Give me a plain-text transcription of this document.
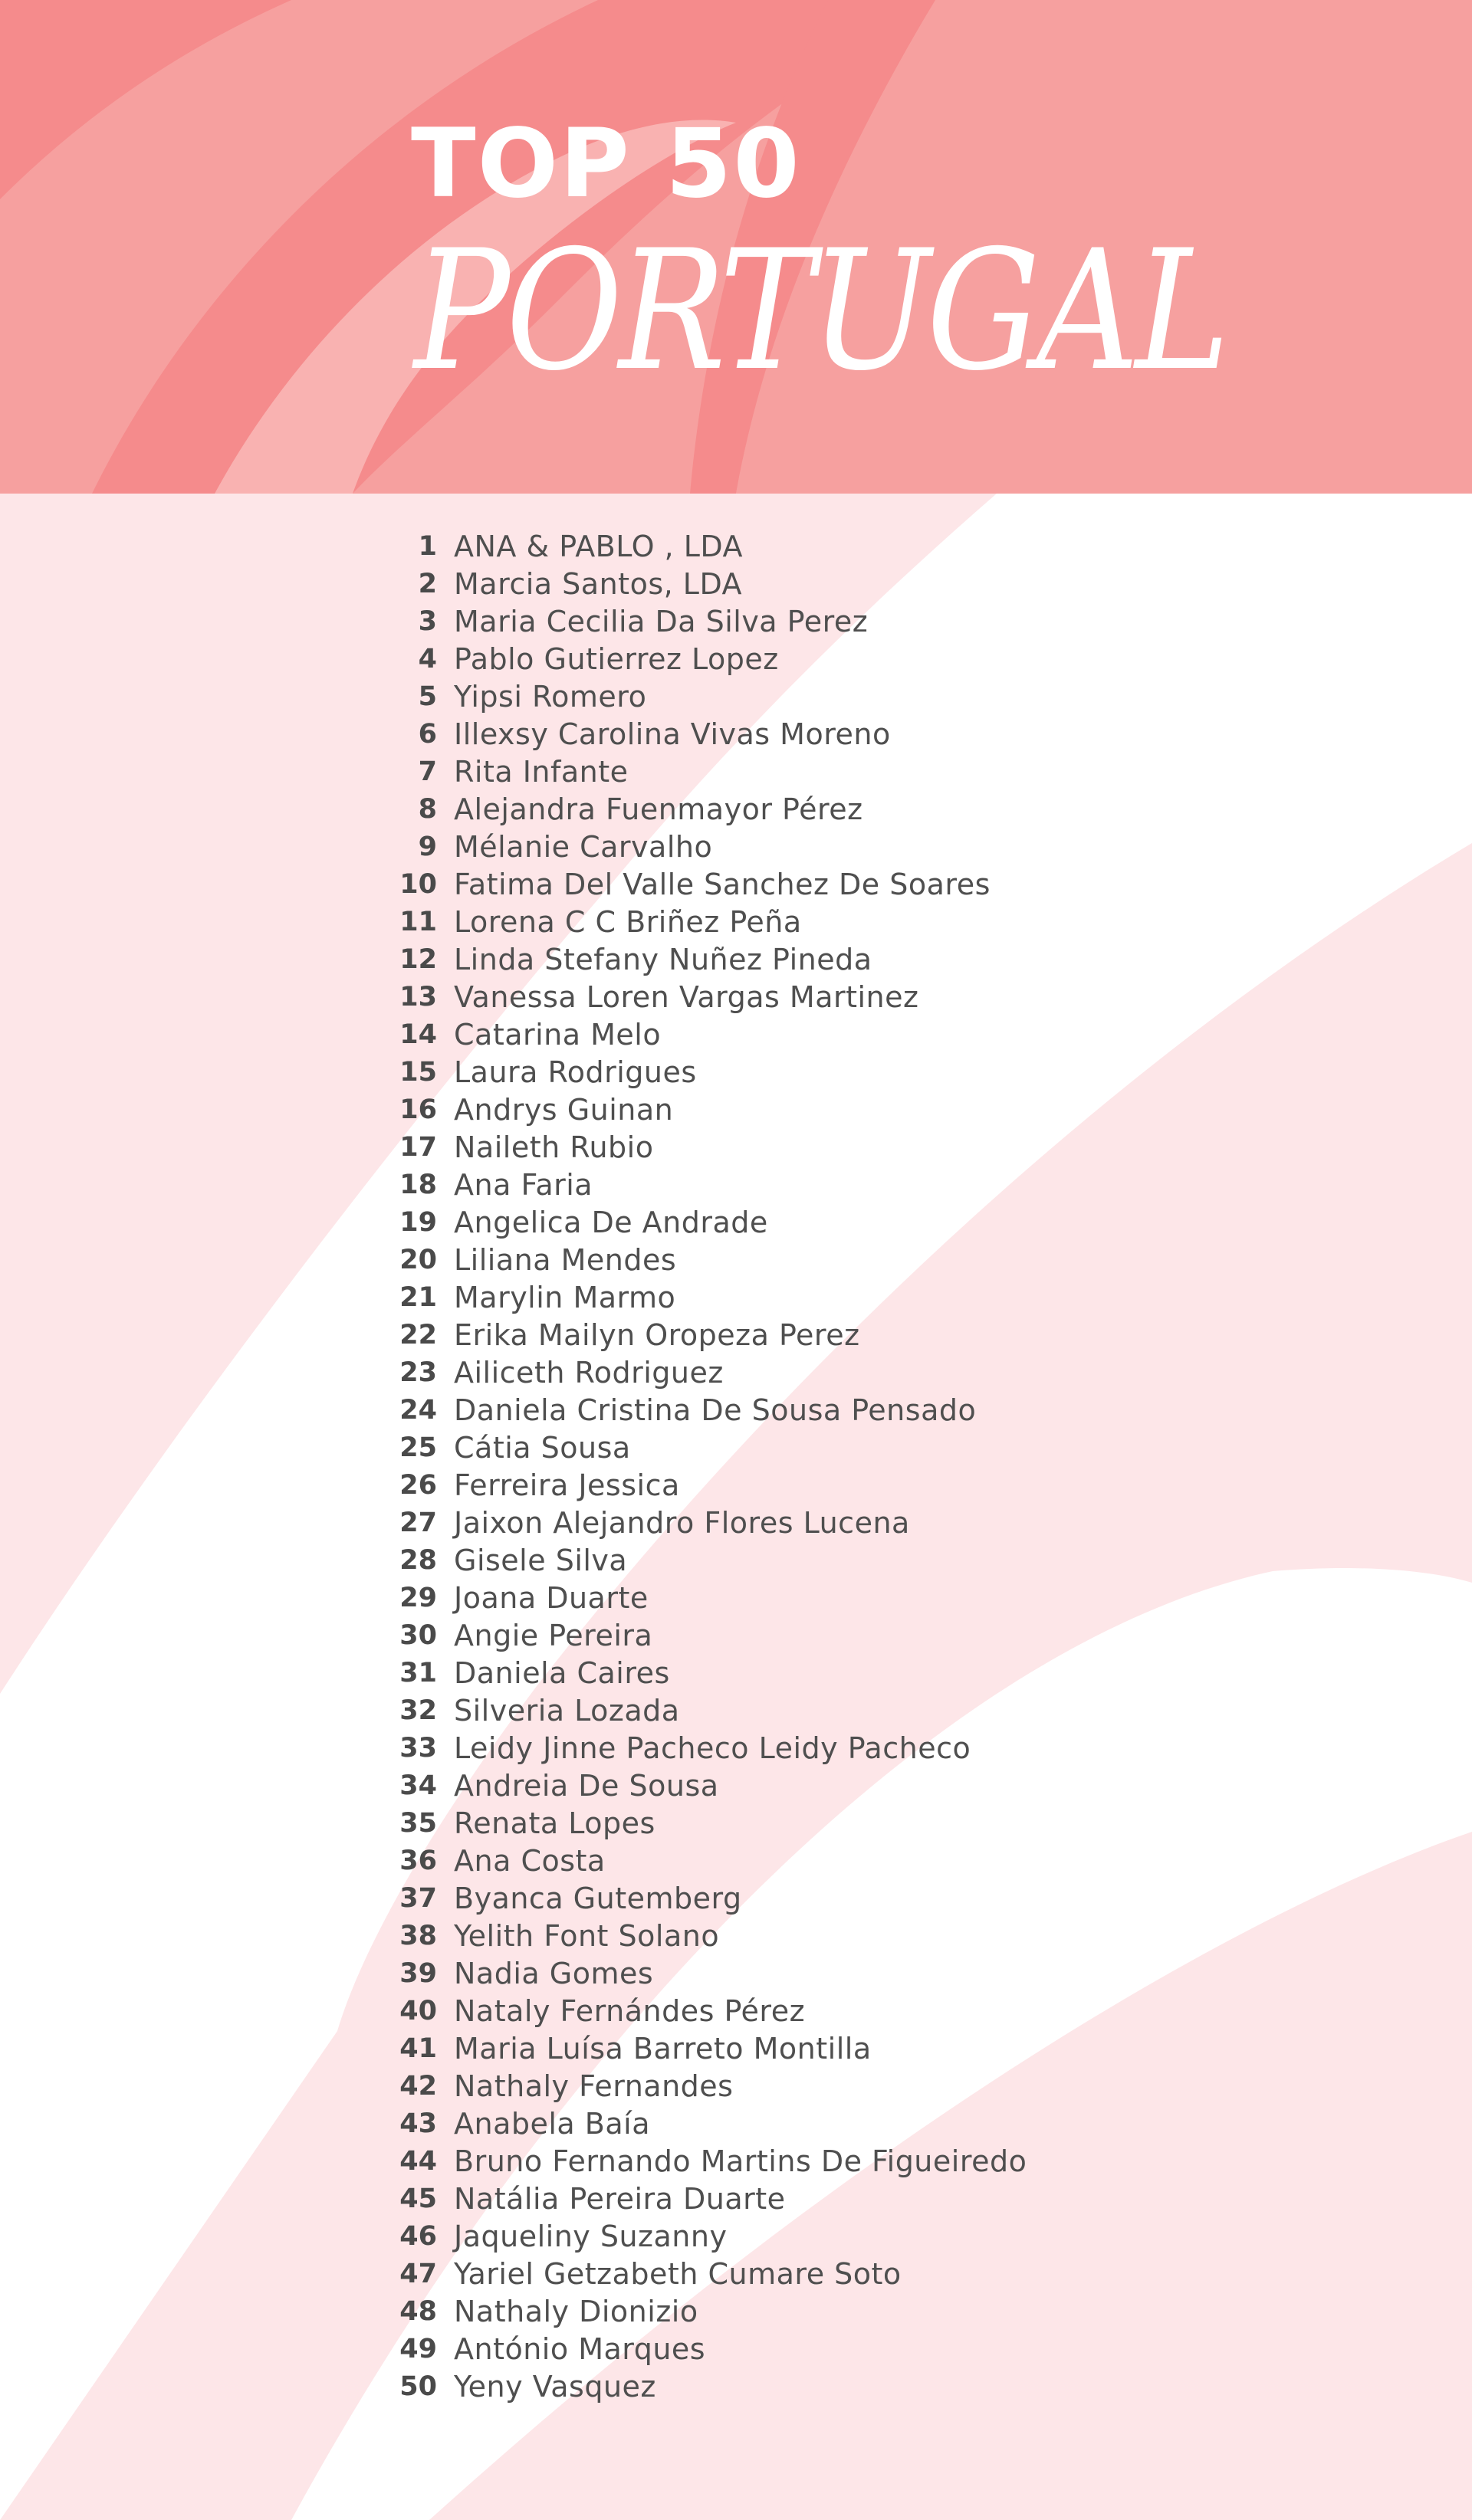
TOP 50
PORTUGAL
1 ANA & PABLO , LDA
2 Marcia Santos, LDA
3 Maria Cecilia Da Silva Perez
4 Pablo Gutierrez Lopez
5 Yipsi Romero
6 Illexsy Carolina Vivas Moreno
7 Rita Infante
8 Alejandra Fuenmayor Pérez
9 Mélanie Carvalho
10 Fatima Del Valle Sanchez De Soares
11 Lorena C C Briñez Peña
12 Linda Stefany Nuñez Pineda
13 Vanessa Loren Vargas Martinez
14 Catarina Melo
15 Laura Rodrigues
16 Andrys Guinan
17 Naileth Rubio
18 Ana Faria
19 Angelica De Andrade
20 Liliana Mendes
21 Marylin Marmo
22 Erika Mailyn Oropeza Perez
23 Ailiceth Rodriguez
24 Daniela Cristina De Sousa Pensado
25 Cátia Sousa
26 Ferreira Jessica
27 Jaixon Alejandro Flores Lucena
28 Gisele Silva
29 Joana Duarte
30 Angie Pereira
31 Daniela Caires
32 Silveria Lozada
33 Leidy Jinne Pacheco Leidy Pacheco
34 Andreia De Sousa
35 Renata Lopes
36 Ana Costa
37 Byanca Gutemberg
38 Yelith Font Solano
39 Nadia Gomes
40 Nataly Fernándes Pérez
41 Maria Luísa Barreto Montilla
42 Nathaly Fernandes
43 Anabela Baía
44 Bruno Fernando Martins De Figueiredo
45 Natália Pereira Duarte
46 Jaqueliny Suzanny
47 Yariel Getzabeth Cumare Soto
48 Nathaly Dionizio
49 António Marques
50 Yeny Vasquez
